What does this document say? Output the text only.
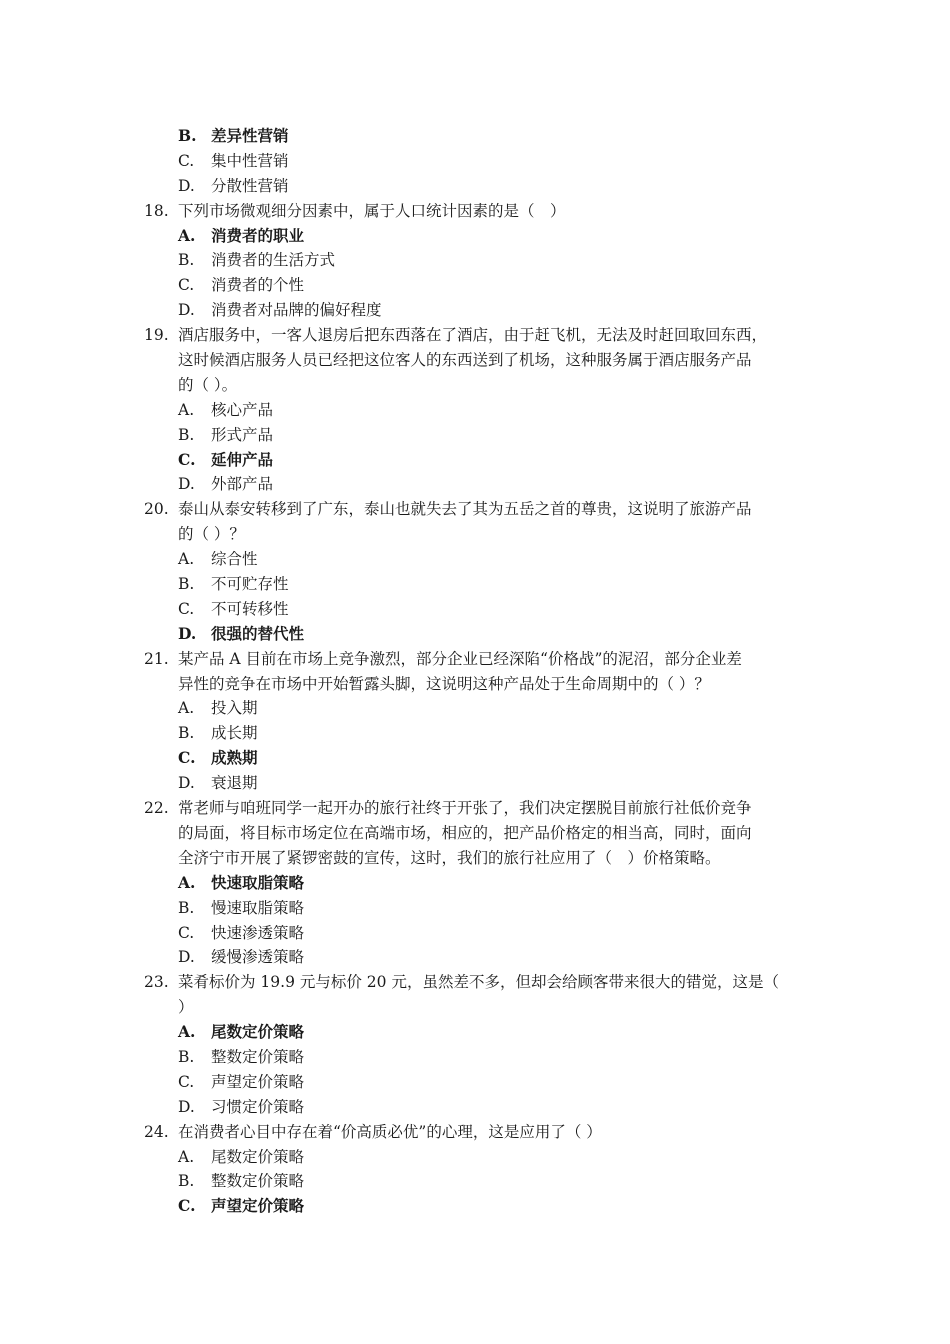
B. 差异性营销
C.	集中性营销
D.	分散性营销
18. 下列市场微观细分因素中，属于人口统计因素的是（　）
A.	消费者的职业
B.	消费者的生活方式
C.	消费者的个性
D.	消费者对品牌的偏好程度
19. 酒店服务中，一客人退房后把东西落在了酒店，由于赶飞机，无法及时赶回取回东西，
这时候酒店服务人员已经把这位客人的东西送到了机场，这种服务属于酒店服务产品
的（ ）。
A.	核心产品
B.	形式产品
C.	延伸产品
D.	外部产品
20. 泰山从泰安转移到了广东，泰山也就失去了其为五岳之首的尊贵，这说明了旅游产品
的（ ）？
A.	综合性
B.	不可贮存性
C.	不可转移性
D. 很强的替代性
21. 某产品 A 目前在市场上竞争激烈，部分企业已经深陷“价格战”的泥沼，部分企业差
异性的竞争在市场中开始暂露头脚，这说明这种产品处于生命周期中的（ ）？
A.	投入期
B.	成长期
C.	成熟期
D.	衰退期
22. 常老师与咱班同学一起开办的旅行社终于开张了，我们决定摆脱目前旅行社低价竞争
的局面，将目标市场定位在高端市场，相应的，把产品价格定的相当高，同时，面向
全济宁市开展了紧锣密鼓的宣传，这时，我们的旅行社应用了（　）价格策略。
A.	快速取脂策略
B.	慢速取脂策略
C.	快速渗透策略
D.	缓慢渗透策略
23. 菜肴标价为 19.9 元与标价 20 元，虽然差不多，但却会给顾客带来很大的错觉，这是（
）
A.	尾数定价策略
B.	整数定价策略
C.	声望定价策略
D.	习惯定价策略
24. 在消费者心目中存在着“价高质必优”的心理，这是应用了（ ）
A.	尾数定价策略
B.	整数定价策略
C.	声望定价策略
